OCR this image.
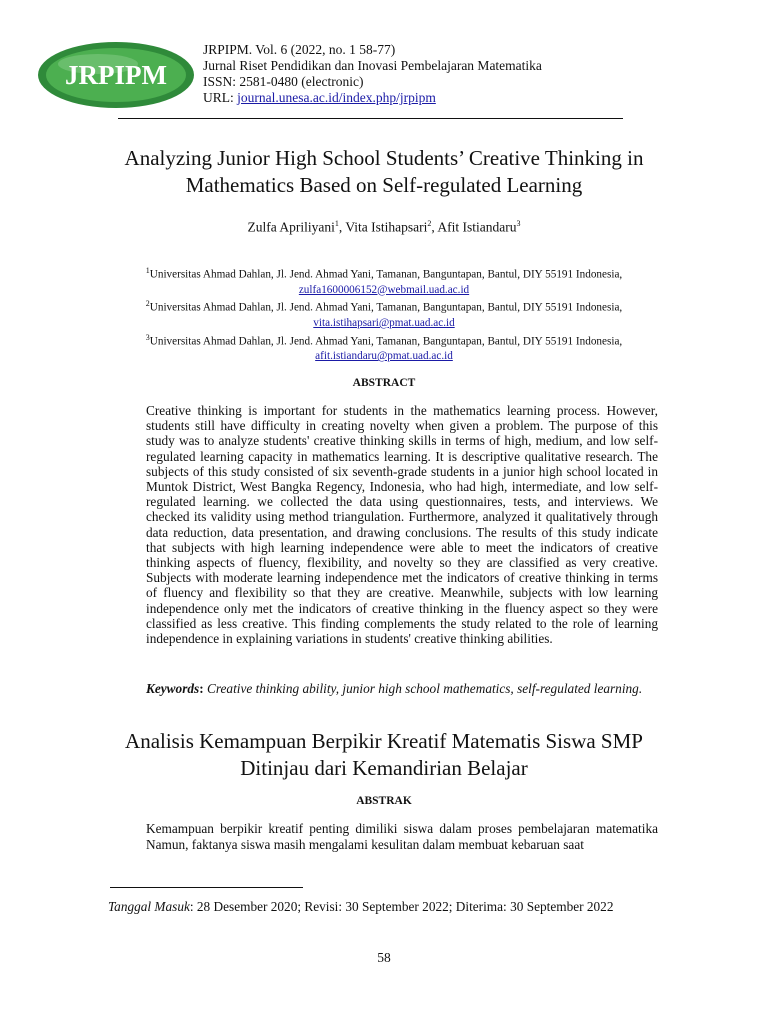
JRPIPM
JRPIPM. Vol. 6 (2022, no. 1 58-77)
Jurnal Riset Pendidikan dan Inovasi Pembelajaran Matematika
ISSN: 2581-0480 (electronic)
URL: journal.unesa.ac.id/index.php/jrpipm
Analyzing Junior High School Students’ Creative Thinking in
Mathematics Based on Self-regulated Learning
Zulfa Apriliyani$^1$, Vita Istihapsari$^2$, Afit Istiandaru$^3$
$^1$Universitas Ahmad Dahlan, Jl. Jend. Ahmad Yani, Tamanan, Banguntapan, Bantul, DIY 55191 Indonesia,
zulfa1600006152@webmail.uad.ac.id
$^2$Universitas Ahmad Dahlan, Jl. Jend. Ahmad Yani, Tamanan, Banguntapan, Bantul, DIY 55191 Indonesia,
vita.istihapsari@pmat.uad.ac.id
$^3$Universitas Ahmad Dahlan, Jl. Jend. Ahmad Yani, Tamanan, Banguntapan, Bantul, DIY 55191 Indonesia,
afit.istiandaru@pmat.uad.ac.id
ABSTRACT
Creative thinking is important for students in the mathematics learning process. However, students still have difficulty in creating novelty when given a problem. The purpose of this study was to analyze students' creative thinking skills in terms of high, medium, and low self-regulated learning capacity in mathematics learning. It is descriptive qualitative research. The subjects of this study consisted of six seventh-grade students in a junior high school located in Muntok District, West Bangka Regency, Indonesia, who had high, intermediate, and low self-regulated learning. we collected the data using questionnaires, tests, and interviews. We checked its validity using method triangulation. Furthermore, analyzed it qualitatively through data reduction, data presentation, and drawing conclusions. The results of this study indicate that subjects with high learning independence were able to meet the indicators of creative thinking aspects of fluency, flexibility, and novelty so they are classified as very creative. Subjects with moderate learning independence met the indicators of creative thinking in terms of fluency and flexibility so that they are creative. Meanwhile, subjects with low learning independence only met the indicators of creative thinking in the fluency aspect so they were classified as less creative. This finding complements the study related to the role of learning independence in explaining variations in students' creative thinking abilities.
Keywords: Creative thinking ability, junior high school mathematics, self-regulated learning.
Analisis Kemampuan Berpikir Kreatif Matematis Siswa SMP
Ditinjau dari Kemandirian Belajar
ABSTRAK
Kemampuan berpikir kreatif penting dimiliki siswa dalam proses pembelajaran matematika Namun, faktanya siswa masih mengalami kesulitan dalam membuat kebaruan saat
Tanggal Masuk: 28 Desember 2020; Revisi: 30 September 2022; Diterima: 30 September 2022
58
